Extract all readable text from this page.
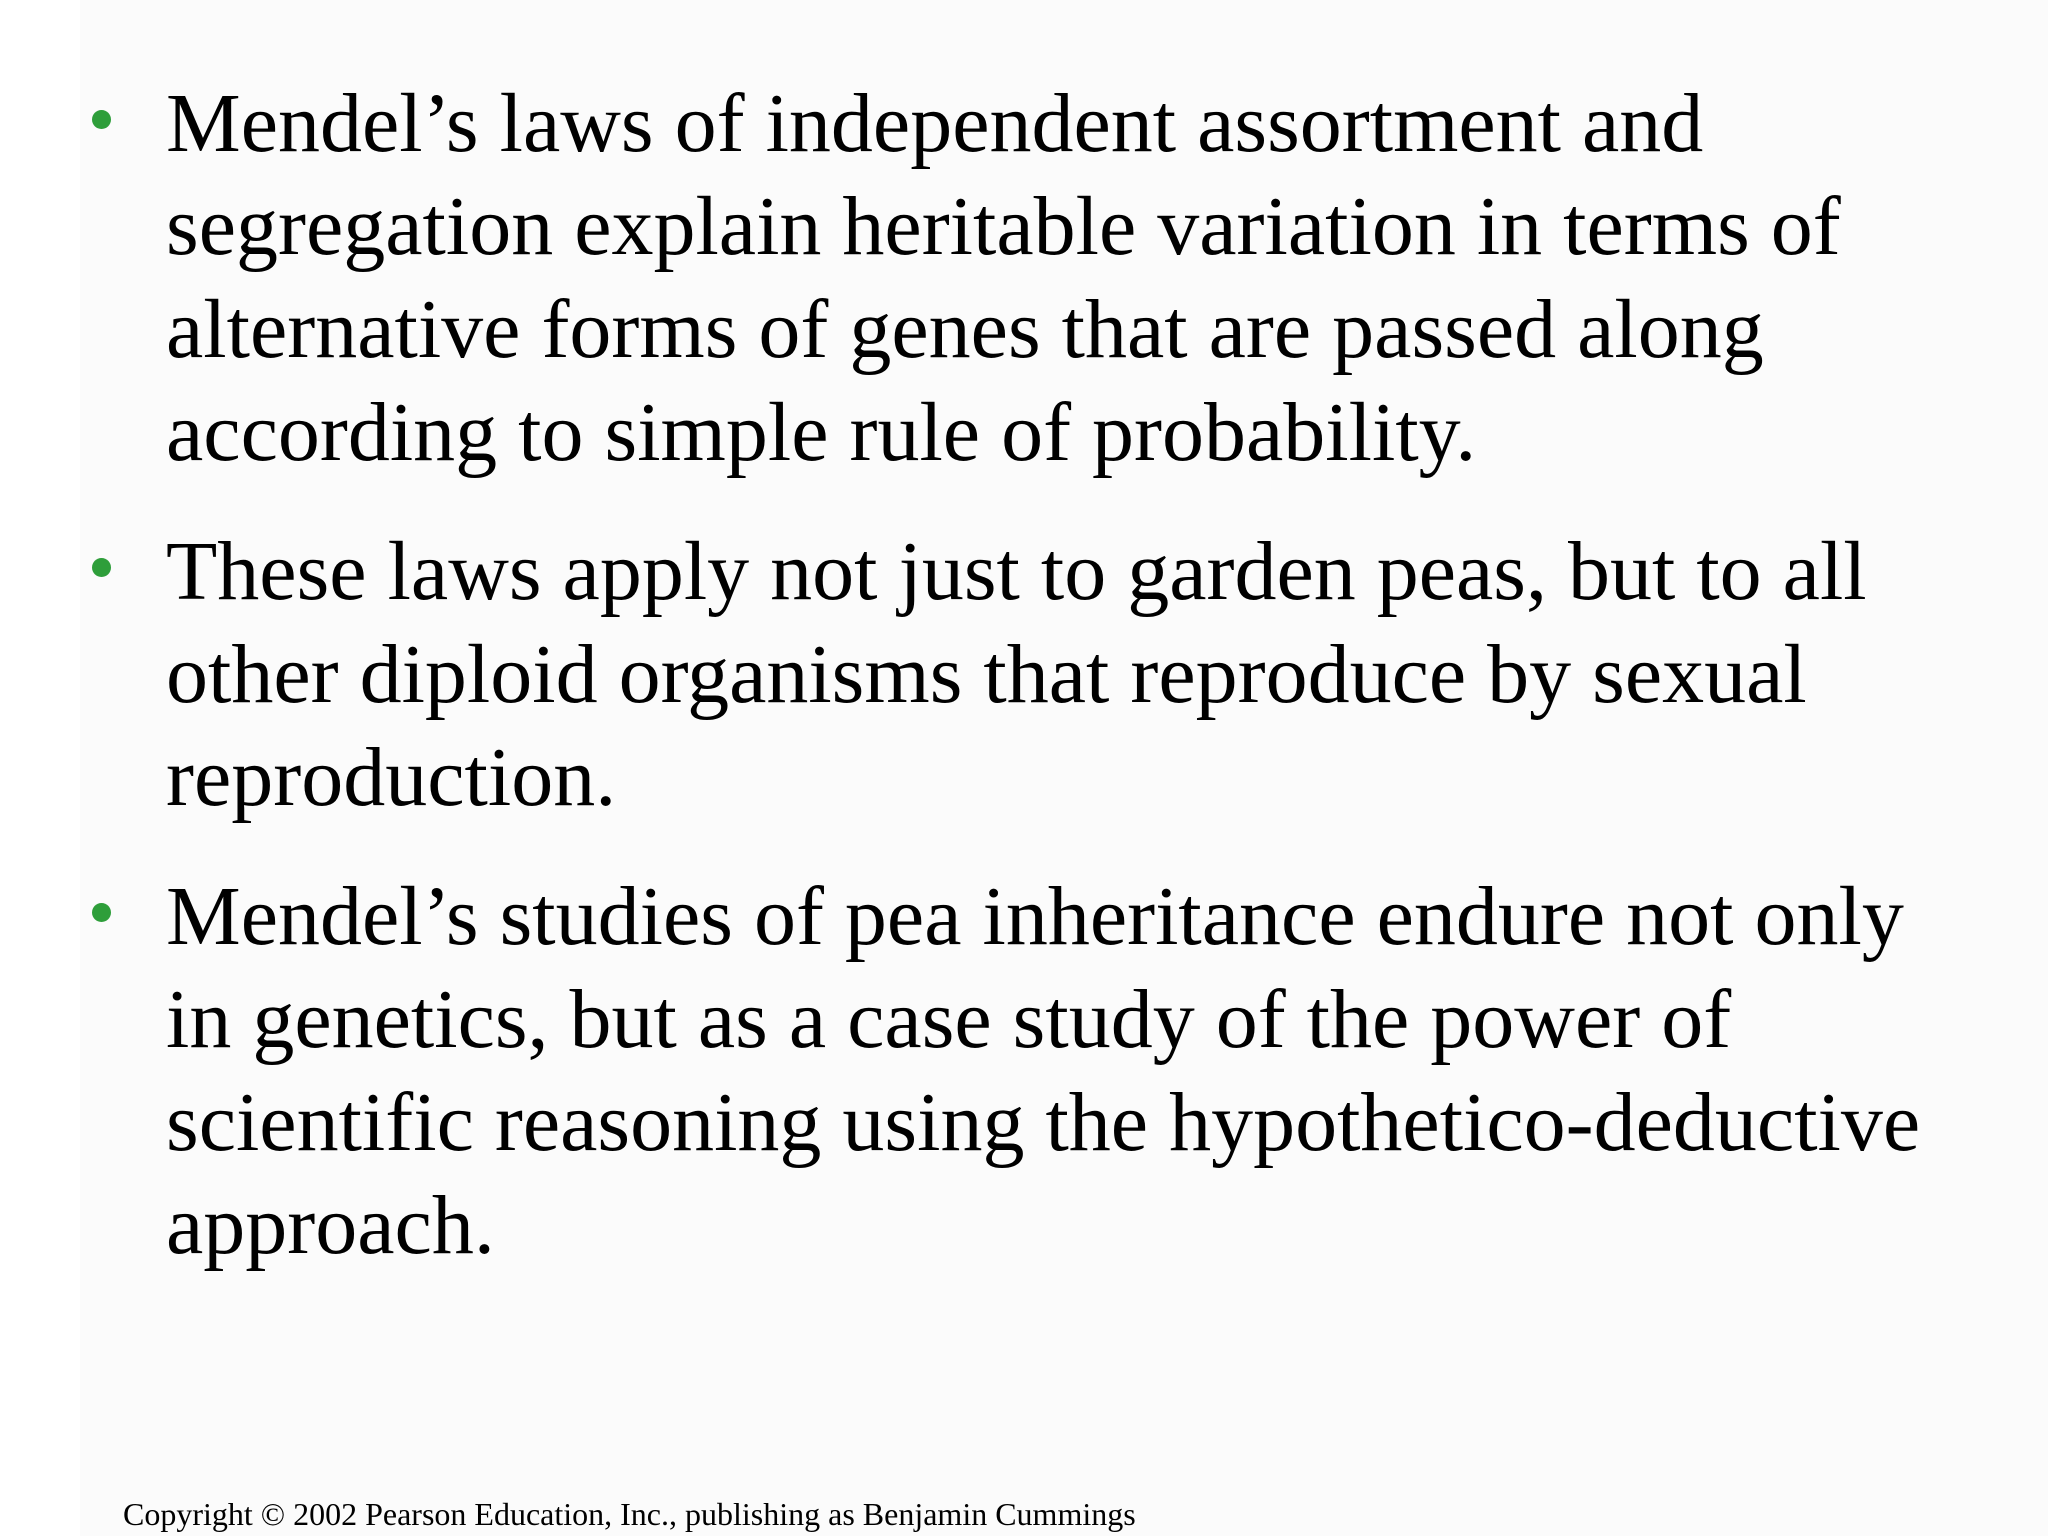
Mendel’s laws of independent assortment and
segregation explain heritable variation in terms of
alternative forms of genes that are passed along
according to simple rule of probability.
These laws apply not just to garden peas, but to all
other diploid organisms that reproduce by sexual
reproduction.
Mendel’s studies of pea inheritance endure not only
in genetics, but as a case study of the power of
scientific reasoning using the hypothetico-deductive
approach.
Copyright © 2002 Pearson Education, Inc., publishing as Benjamin Cummings
